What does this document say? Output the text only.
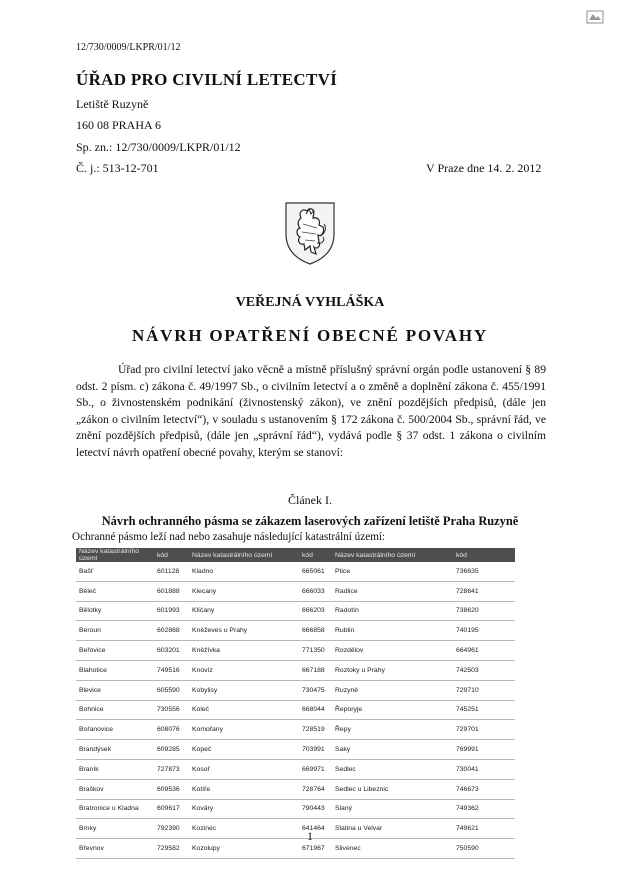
12/730/0009/LKPR/01/12
ÚŘAD PRO CIVILNÍ LETECTVÍ
Letiště Ruzyně
160 08 PRAHA 6
Sp. zn.: 12/730/0009/LKPR/01/12
Č. j.: 513-12-701	V Praze dne 14. 2. 2012
VEŘEJNÁ VYHLÁŠKA
NÁVRH OPATŘENÍ OBECNÉ POVAHY
Úřad pro civilní letectví jako věcně a místně příslušný správní orgán podle ustanovení § 89 odst. 2 písm. c) zákona č. 49/1997 Sb., o civilním letectví a o změně a doplnění zákona č. 455/1991 Sb., o živnostenském podnikání (živnostenský zákon), ve znění pozdějších předpisů, (dále jen „zákon o civilním letectví“), v souladu s ustanovením § 172 zákona č. 500/2004 Sb., správní řád, ve znění pozdějších předpisů, (dále jen „správní řád“), vydává podle § 37 odst. 1 zákona o civilním letectví návrh opatření obecné povahy, kterým se stanoví:
Článek I.
Návrh ochranného pásma se zákazem laserových zařízení letiště Praha Ruzyně
Ochranné pásmo leží nad nebo zasahuje následující katastrální území:
Název katastrálního území	kód	Název katastrálního území	kód	Název katastrálního území	kód
Bašť	601128	Kladno	665061	Ptice	736635
Běleč	601888	Klecany	666033	Radlice	728641
Bělotky	601993	Klíčany	666203	Radotín	738620
Beroun	602868	Kněževes u Prahy	666858	Rublin	740195
Beřovice	603201	Kněžívka	771350	Rozdělov	664961
Blahotice	749516	Knovíz	667188	Roztoky u Prahy	742503
Blevice	605590	Kobylisy	730475	Ruzyně	729710
Bohnice	730556	Koleč	668044	Řeporyje	745251
Bořanovice	608076	Komořany	728519	Řepy	729701
Brandýsek	609285	Kopeč	703991	Saky	769991
Braník	727873	Kosoř	669971	Sedlec	730041
Braškov	609536	Kotíře	728764	Sedlec u Libeznic	746673
Bratronice u Kladna	609617	Kováry	790443	Slaný	749362
Brnky	792390	Kozinec	641464	Slatina u Velvar	749621
Břevnov	729582	Kozolupy	671967	Slivenec	750590
1
